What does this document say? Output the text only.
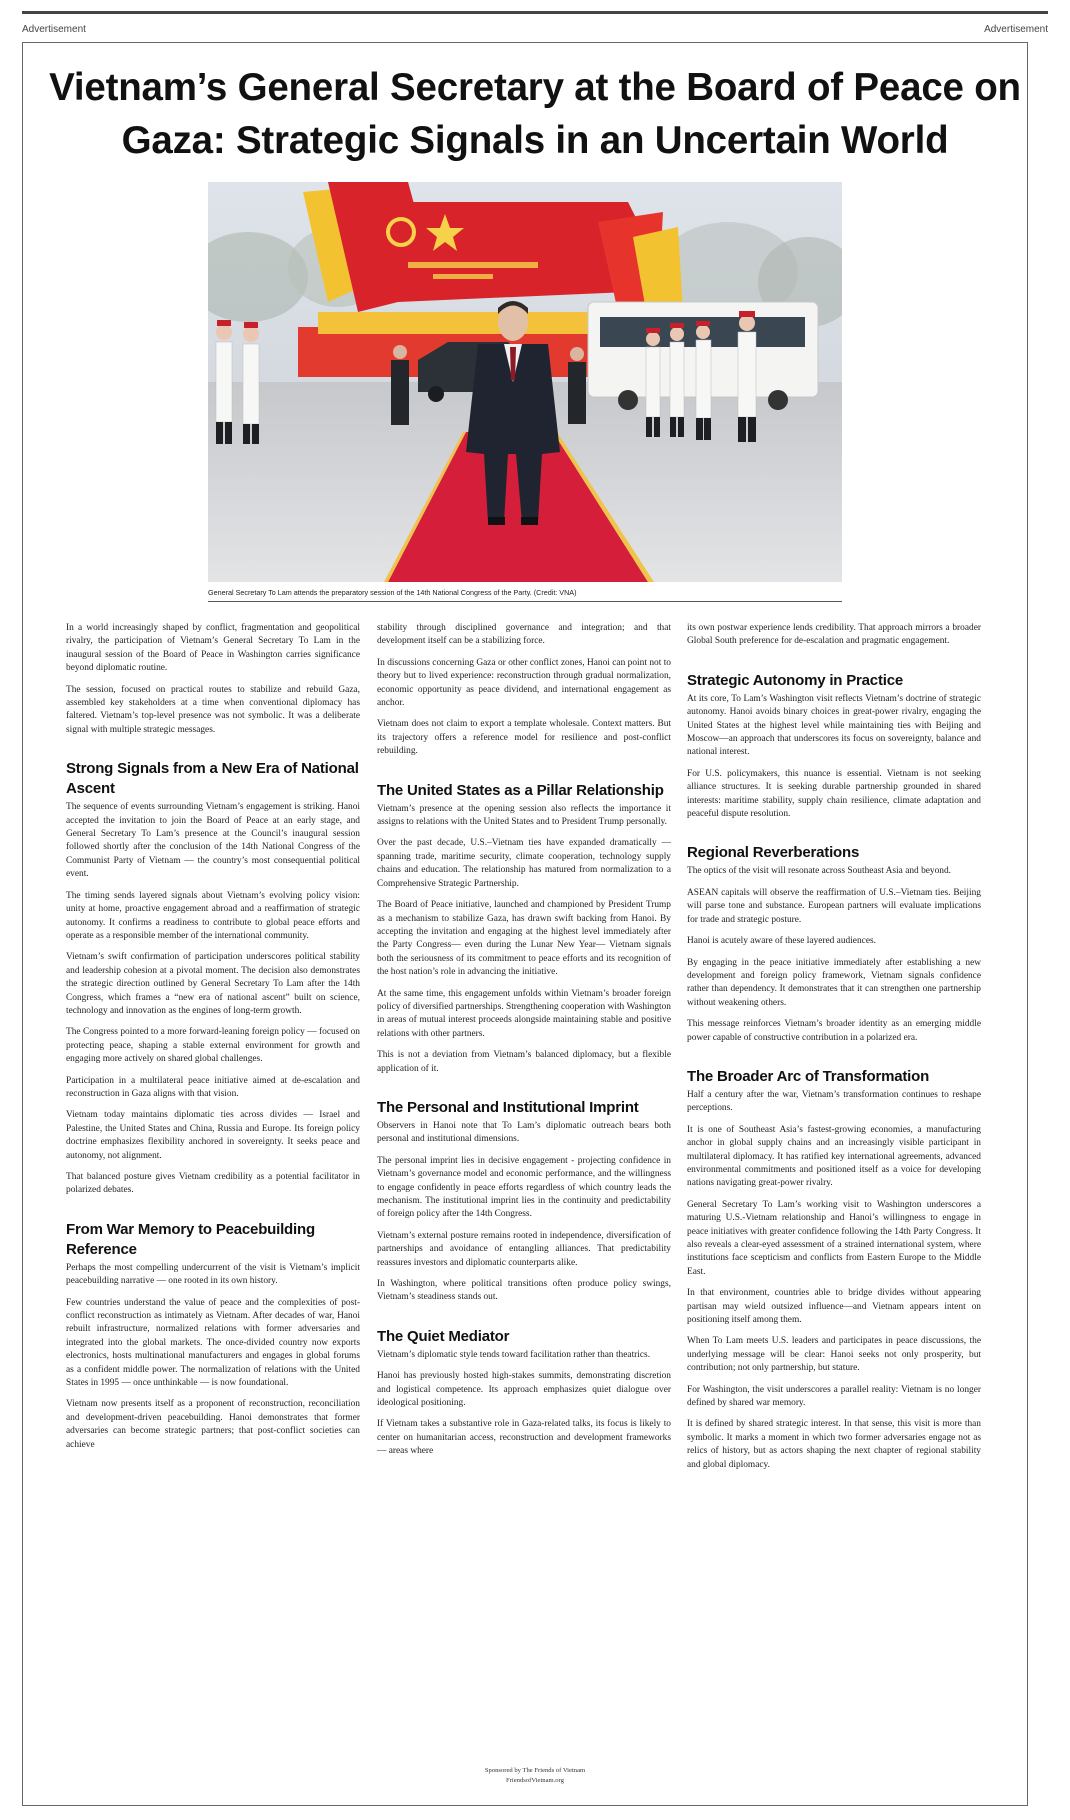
Advertisement	Advertisement
Vietnam’s General Secretary at the Board of Peace on Gaza: Strategic Signals in an Uncertain World
General Secretary To Lam attends the preparatory session of the 14th National Congress of the Party. (Credit: VNA)

In a world increasingly shaped by conflict, fragmentation and geopolitical rivalry, the participation of Vietnam’s General Secretary To Lam in the inaugural session of the Board of Peace in Washington carries significance beyond diplomatic routine.

The session, focused on practical routes to stabilize and rebuild Gaza, assembled key stakeholders at a time when conventional diplomacy has faltered. Vietnam’s top-level presence was not symbolic. It was a deliberate signal with multiple strategic messages.

Strong Signals from a New Era of National Ascent

The sequence of events surrounding Vietnam’s engagement is striking. Hanoi accepted the invitation to join the Board of Peace at an early stage, and General Secretary To Lam’s presence at the Council’s inaugural session followed shortly after the conclusion of the 14th National Congress of the Communist Party of Vietnam — the country’s most consequential political event.

The timing sends layered signals about Vietnam’s evolving policy vision: unity at home, proactive engagement abroad and a reaffirmation of strategic autonomy. It confirms a readiness to contribute to global peace efforts and operate as a responsible member of the international community.

Vietnam’s swift confirmation of participation underscores political stability and leadership cohesion at a pivotal moment. The decision also demonstrates the strategic direction outlined by General Secretary To Lam after the 14th Congress, which frames a “new era of national ascent” built on science, technology and innovation as the engines of long-term growth.

The Congress pointed to a more forward-leaning foreign policy — focused on protecting peace, shaping a stable external environment for growth and engaging more actively on shared global challenges.

Participation in a multilateral peace initiative aimed at de-escalation and reconstruction in Gaza aligns with that vision.

Vietnam today maintains diplomatic ties across divides — Israel and Palestine, the United States and China, Russia and Europe. Its foreign policy doctrine emphasizes flexibility anchored in sovereignty. It seeks peace and autonomy, not alignment.

That balanced posture gives Vietnam credibility as a potential facilitator in polarized debates.

From War Memory to Peacebuilding Reference

Perhaps the most compelling undercurrent of the visit is Vietnam’s implicit peacebuilding narrative — one rooted in its own history.

Few countries understand the value of peace and the complexities of post-conflict reconstruction as intimately as Vietnam. After decades of war, Hanoi rebuilt infrastructure, normalized relations with former adversaries and integrated into the global markets. The once-divided country now exports electronics, hosts multinational manufacturers and engages in global forums as a confident middle power. The normalization of relations with the United States in 1995 — once unthinkable — is now foundational.

Vietnam now presents itself as a proponent of reconstruction, reconciliation and development-driven peacebuilding. Hanoi demonstrates that former adversaries can become strategic partners; that post-conflict societies can achieve

stability through disciplined governance and integration; and that development itself can be a stabilizing force.

In discussions concerning Gaza or other conflict zones, Hanoi can point not to theory but to lived experience: reconstruction through gradual normalization, economic opportunity as peace dividend, and international engagement as anchor.

Vietnam does not claim to export a template wholesale. Context matters. But its trajectory offers a reference model for resilience and post-conflict rebuilding.

The United States as a Pillar Relationship

Vietnam’s presence at the opening session also reflects the importance it assigns to relations with the United States and to President Trump personally.

Over the past decade, U.S.–Vietnam ties have expanded dramatically — spanning trade, maritime security, climate cooperation, technology supply chains and education. The relationship has matured from normalization to a Comprehensive Strategic Partnership.

The Board of Peace initiative, launched and championed by President Trump as a mechanism to stabilize Gaza, has drawn swift backing from Hanoi. By accepting the invitation and engaging at the highest level immediately after the Party Congress— even during the Lunar New Year— Vietnam signals both the seriousness of its commitment to peace efforts and its recognition of the host nation’s role in advancing the initiative.

At the same time, this engagement unfolds within Vietnam’s broader foreign policy of diversified partnerships. Strengthening cooperation with Washington in areas of mutual interest proceeds alongside maintaining stable and positive relations with other partners.

This is not a deviation from Vietnam’s balanced diplomacy, but a flexible application of it.

The Personal and Institutional Imprint

Observers in Hanoi note that To Lam’s diplomatic outreach bears both personal and institutional dimensions.

The personal imprint lies in decisive engagement - projecting confidence in Vietnam’s governance model and economic performance, and the willingness to engage confidently in peace efforts regardless of which country leads the mechanism. The institutional imprint lies in the continuity and predictability of foreign policy after the 14th Congress.

Vietnam’s external posture remains rooted in independence, diversification of partnerships and avoidance of entangling alliances. That predictability reassures investors and diplomatic counterparts alike.

In Washington, where political transitions often produce policy swings, Vietnam’s steadiness stands out.

The Quiet Mediator

Vietnam’s diplomatic style tends toward facilitation rather than theatrics.

Hanoi has previously hosted high-stakes summits, demonstrating discretion and logistical competence. Its approach emphasizes quiet dialogue over ideological positioning.

If Vietnam takes a substantive role in Gaza-related talks, its focus is likely to center on humanitarian access, reconstruction and development frameworks — areas where

its own postwar experience lends credibility. That approach mirrors a broader Global South preference for de-escalation and pragmatic engagement.

Strategic Autonomy in Practice

At its core, To Lam’s Washington visit reflects Vietnam’s doctrine of strategic autonomy. Hanoi avoids binary choices in great-power rivalry, engaging the United States at the highest level while maintaining ties with Beijing and Moscow—an approach that underscores its focus on sovereignty, balance and national interest.

For U.S. policymakers, this nuance is essential. Vietnam is not seeking alliance structures. It is seeking durable partnership grounded in shared interests: maritime stability, supply chain resilience, climate adaptation and peaceful dispute resolution.

Regional Reverberations

The optics of the visit will resonate across Southeast Asia and beyond.

ASEAN capitals will observe the reaffirmation of U.S.–Vietnam ties. Beijing will parse tone and substance. European partners will evaluate implications for trade and strategic posture.

Hanoi is acutely aware of these layered audiences.

By engaging in the peace initiative immediately after establishing a new development and foreign policy framework, Vietnam signals confidence rather than dependency. It demonstrates that it can strengthen one partnership without weakening others.

This message reinforces Vietnam’s broader identity as an emerging middle power capable of constructive contribution in a polarized era.

The Broader Arc of Transformation

Half a century after the war, Vietnam’s transformation continues to reshape perceptions.

It is one of Southeast Asia’s fastest-growing economies, a manufacturing anchor in global supply chains and an increasingly visible participant in multilateral diplomacy. It has ratified key international agreements, advanced environmental commitments and positioned itself as a voice for developing nations navigating great-power rivalry.

General Secretary To Lam’s working visit to Washington underscores a maturing U.S.-Vietnam relationship and Hanoi’s willingness to engage in peace initiatives with greater confidence following the 14th Party Congress. It also reveals a clear-eyed assessment of a strained international system, where institutions face scepticism and conflicts from Eastern Europe to the Middle East.

In that environment, countries able to bridge divides without appearing partisan may wield outsized influence—and Vietnam appears intent on positioning itself among them.

When To Lam meets U.S. leaders and participates in peace discussions, the underlying message will be clear: Hanoi seeks not only prosperity, but contribution; not only partnership, but stature.

For Washington, the visit underscores a parallel reality: Vietnam is no longer defined by shared war memory.

It is defined by shared strategic interest. In that sense, this visit is more than symbolic. It marks a moment in which two former adversaries engage not as relics of history, but as actors shaping the next chapter of regional stability and global diplomacy.

Sponsored by The Friends of Vietnam
FriendsofVietnam.org
